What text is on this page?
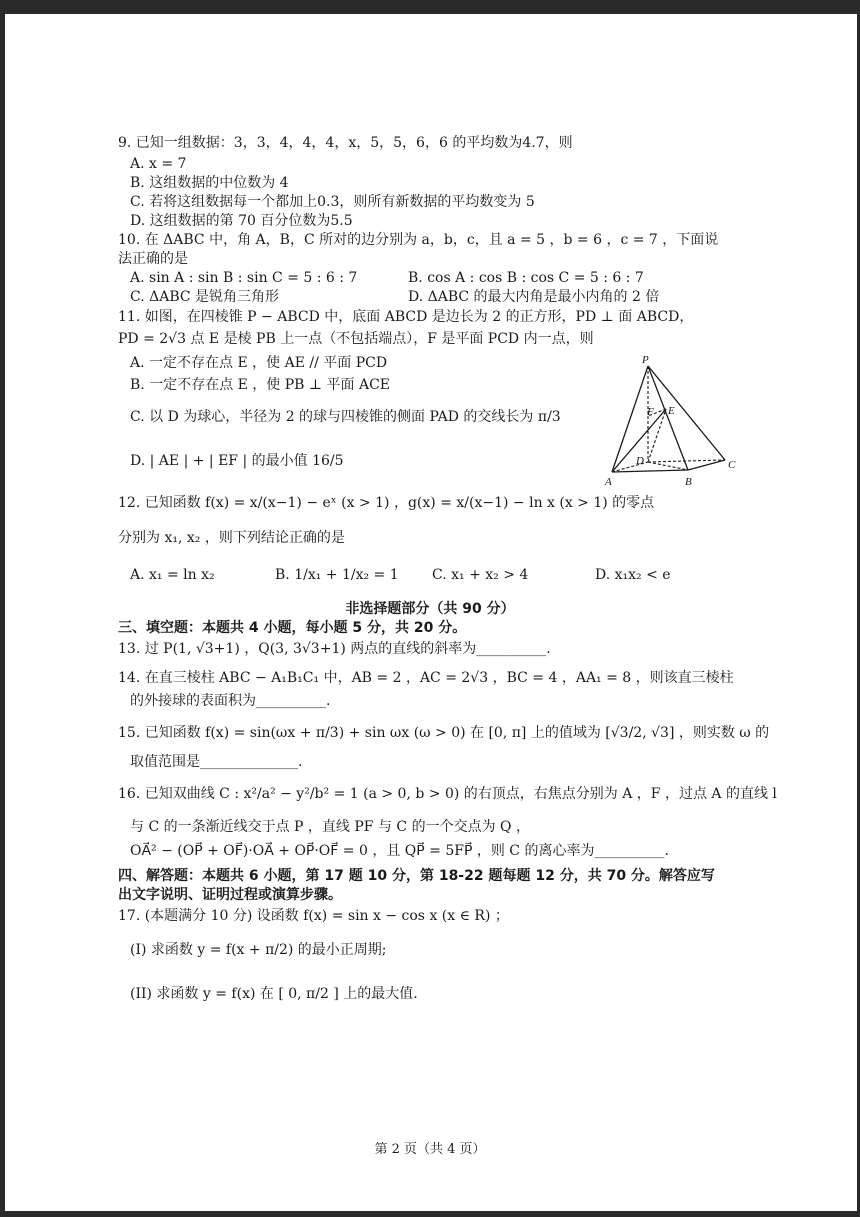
9. 已知一组数据：3，3，4，4，4，x，5，5，6，6 的平均数为4.7，则
A. x = 7
B. 这组数据的中位数为 4
C. 若将这组数据每一个都加上0.3，则所有新数据的平均数变为 5
D. 这组数据的第 70 百分位数为5.5
10. 在 ΔABC 中，角 A，B，C 所对的边分别为 a，b，c，且 a = 5 ，b = 6 ，c = 7 ，下面说
法正确的是
A. sin A : sin B : sin C = 5 : 6 : 7	B. cos A : cos B : cos C = 5 : 6 : 7
C. ΔABC 是锐角三角形	D. ΔABC 的最大内角是最小内角的 2 倍
11. 如图，在四棱锥 P − ABCD 中，底面 ABCD 是边长为 2 的正方形，PD ⊥ 面 ABCD，
PD = 2√3 点 E 是棱 PB 上一点（不包括端点），F 是平面 PCD 内一点，则
A. 一定不存在点 E ，使 AE // 平面 PCD
B. 一定不存在点 E ，使 PB ⊥ 平面 ACE
C. 以 D 为球心，半径为 2 的球与四棱锥的侧面 PAD 的交线长为 π/3
D. | AE | + | EF | 的最小值 16/5
P
F E
D
A	B
C
12. 已知函数 f(x) = x/(x−1) − eˣ (x > 1) ，g(x) = x/(x−1) − ln x (x > 1) 的零点
分别为 x₁, x₂ ，则下列结论正确的是
A. x₁ = ln x₂	B. 1/x₁ + 1/x₂ = 1 C. x₁ + x₂ > 4	D. x₁x₂ < e
非选择题部分（共 90 分）
三、填空题：本题共 4 小题，每小题 5 分，共 20 分。
13. 过 P(1, √3+1) ，Q(3, 3√3+1) 两点的直线的斜率为__________.
14. 在直三棱柱 ABC − A₁B₁C₁ 中，AB = 2 ，AC = 2√3 ，BC = 4 ，AA₁ = 8 ，则该直三棱柱
的外接球的表面积为__________.
15. 已知函数 f(x) = sin(ωx + π/3) + sin ωx (ω > 0) 在 [0, π] 上的值域为 [√3/2, √3] ，则实数 ω 的
取值范围是______________.
16. 已知双曲线 C : x²/a² − y²/b² = 1 (a > 0, b > 0) 的右顶点，右焦点分别为 A ，F ，过点 A 的直线 l
与 C 的一条渐近线交于点 P ，直线 PF 与 C 的一个交点为 Q ，
OA⃗² − (OP⃗ + OF⃗)·OA⃗ + OP⃗·OF⃗ = 0 ，且 QP⃗ = 5FP⃗ ，则 C 的离心率为__________.
四、解答题：本题共 6 小题，第 17 题 10 分，第 18-22 题每题 12 分，共 70 分。解答应写
出文字说明、证明过程或演算步骤。
17. (本题满分 10 分) 设函数 f(x) = sin x − cos x (x ∈ R) ；
(I) 求函数 y = f(x + π/2) 的最小正周期;
(II) 求函数 y = f(x) 在 [ 0, π/2 ] 上的最大值.
第 2 页（共 4 页）
